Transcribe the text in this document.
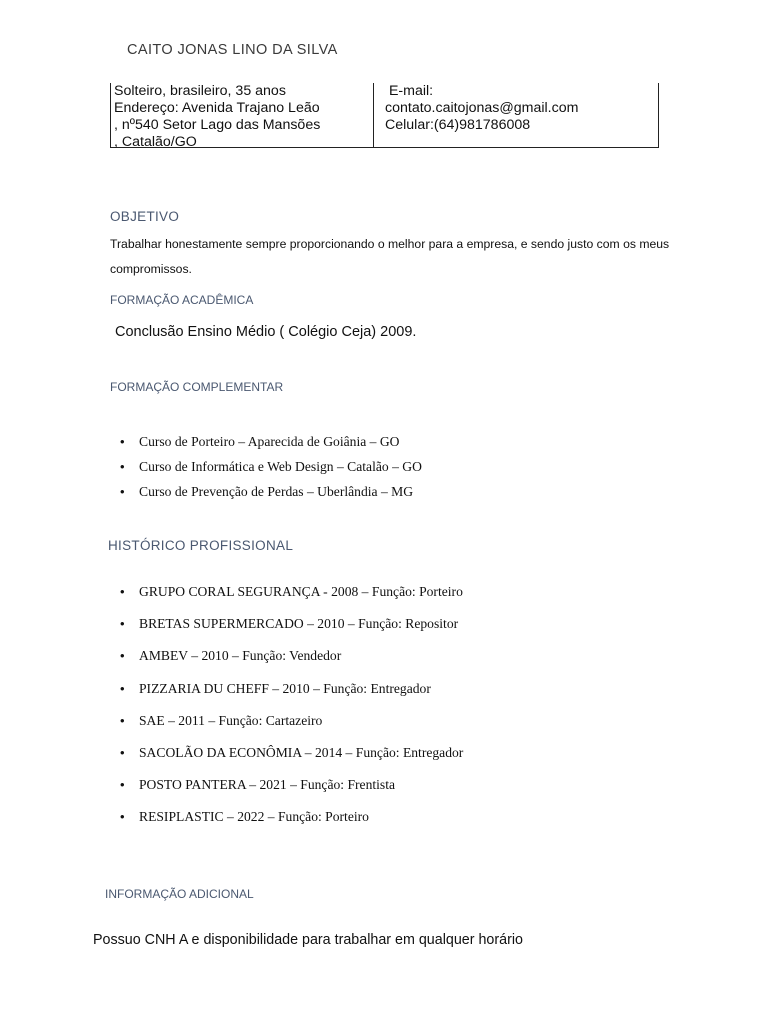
CAITO JONAS LINO DA SILVA
Solteiro, brasileiro, 35 anos
Endereço: Avenida Trajano Leão
, nº540 Setor Lago das Mansões
, Catalão/GO
E-mail:
contato.caitojonas@gmail.com
Celular:(64)981786008
OBJETIVO
Trabalhar honestamente sempre proporcionando o melhor para a empresa, e sendo justo com os meus compromissos.
FORMAÇÃO ACADÊMICA
Conclusão Ensino Médio ( Colégio Ceja) 2009.
FORMAÇÃO COMPLEMENTAR
• Curso de Porteiro – Aparecida de Goiânia – GO
• Curso de Informática e Web Design – Catalão – GO
• Curso de Prevenção de Perdas – Uberlândia – MG
HISTÓRICO PROFISSIONAL
• GRUPO CORAL SEGURANÇA - 2008 – Função: Porteiro
• BRETAS SUPERMERCADO – 2010 – Função: Repositor
• AMBEV – 2010 – Função: Vendedor
• PIZZARIA DU CHEFF – 2010 – Função: Entregador
• SAE – 2011 – Função: Cartazeiro
• SACOLÃO DA ECONÔMIA – 2014 – Função: Entregador
• POSTO PANTERA – 2021 – Função: Frentista
• RESIPLASTIC – 2022 – Função: Porteiro
INFORMAÇÃO ADICIONAL
Possuo CNH A e disponibilidade para trabalhar em qualquer horário
